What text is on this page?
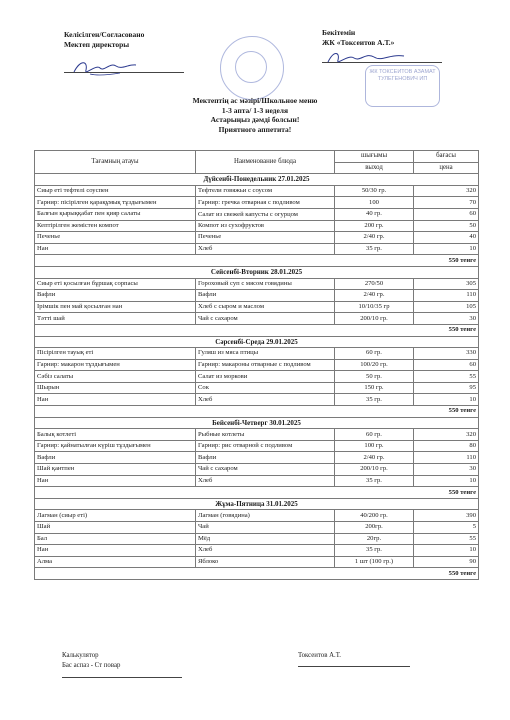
Келісілген/Согласовано
Мектеп директоры
Бекітемін
ЖК «Токсеитов А.Т.»
ЖК ТОКСЕИТОВ АЗАМАТ ТУЛЕГЕНОВИЧ ИП
Мектептің ас мәзірі/Школьное меню
1-3 апта/ 1-3 неделя
Астарыңыз дәмді болсын!
Приятного аппетита!
Тағамның атауы	Наименование блюда	шығымы	бағасы
		выход	цена
Дүйсенбі-Понедельник 27.01.2025			
Сиыр еті тефтелі соуспен	Тефтели говяжьи с соусом	50/30 гр.	320
Гарнир: пісірілген қарақұмық тұздығымен	Гарнир: гречка отварная с подливом	100	70
Балғын қырыққабат пен қияр салаты	Салат из свежей капусты с огурцом	40 гр.	60
Кептірілген жемістен компот	Компот из сухофруктов	200 гр.	50
Печенье	Печенье	2/40 гр.	40
Нан	Хлеб	35 гр.	10
550 тенге			
Сейсенбі-Вторник 28.01.2025			
Сиыр еті қосылған бұршақ сорпасы	Гороховый суп с мясом говядины	270/50	305
Вафли	Вафли	2/40 гр.	110
Ірімшік пен май қосылған нан	Хлеб с сыром и маслом	10/10/35 гр	105
Тәтті шай	Чай с сахаром	200/10 гр.	30
550 тенге			
Сәрсенбі-Среда 29.01.2025			
Пісірілген тауық еті	Гуляш из мяса птицы	60 гр.	330
Гарнир: макарон тұздығымен	Гарнир: макароны отварные с подливом	100/20 гр.	60
Сәбіз салаты	Салат из моркови	50 гр.	55
Шырын	Сок	150 гр.	95
Нан	Хлеб	35 гр.	10
550 тенге			
Бейсенбі-Четверг 30.01.2025			
Балық котлеті	Рыбные котлеты	60 гр.	320
Гарнир: қайнатылған күріш тұздығымен	Гарнир: рис отварной с подливом	100 гр.	80
Вафли	Вафли	2/40 гр.	110
Шай қантпен	Чай с сахаром	200/10 гр.	30
Нан	Хлеб	35 гр.	10
550 тенге			
Жұма-Пятница 31.01.2025			
Лагман (сиыр еті)	Лагман (говядина)	40/200 гр.	390
Шай	Чай	200гр.	5
Бал	Мёд	20гр.	55
Нан	Хлеб	35 гр.	10
Алма	Яблоко	1 шт (100 гр.)	90
550 тенге			
Калькулятор
Бас аспаз - Ст повар
Токсеитов А.Т.
